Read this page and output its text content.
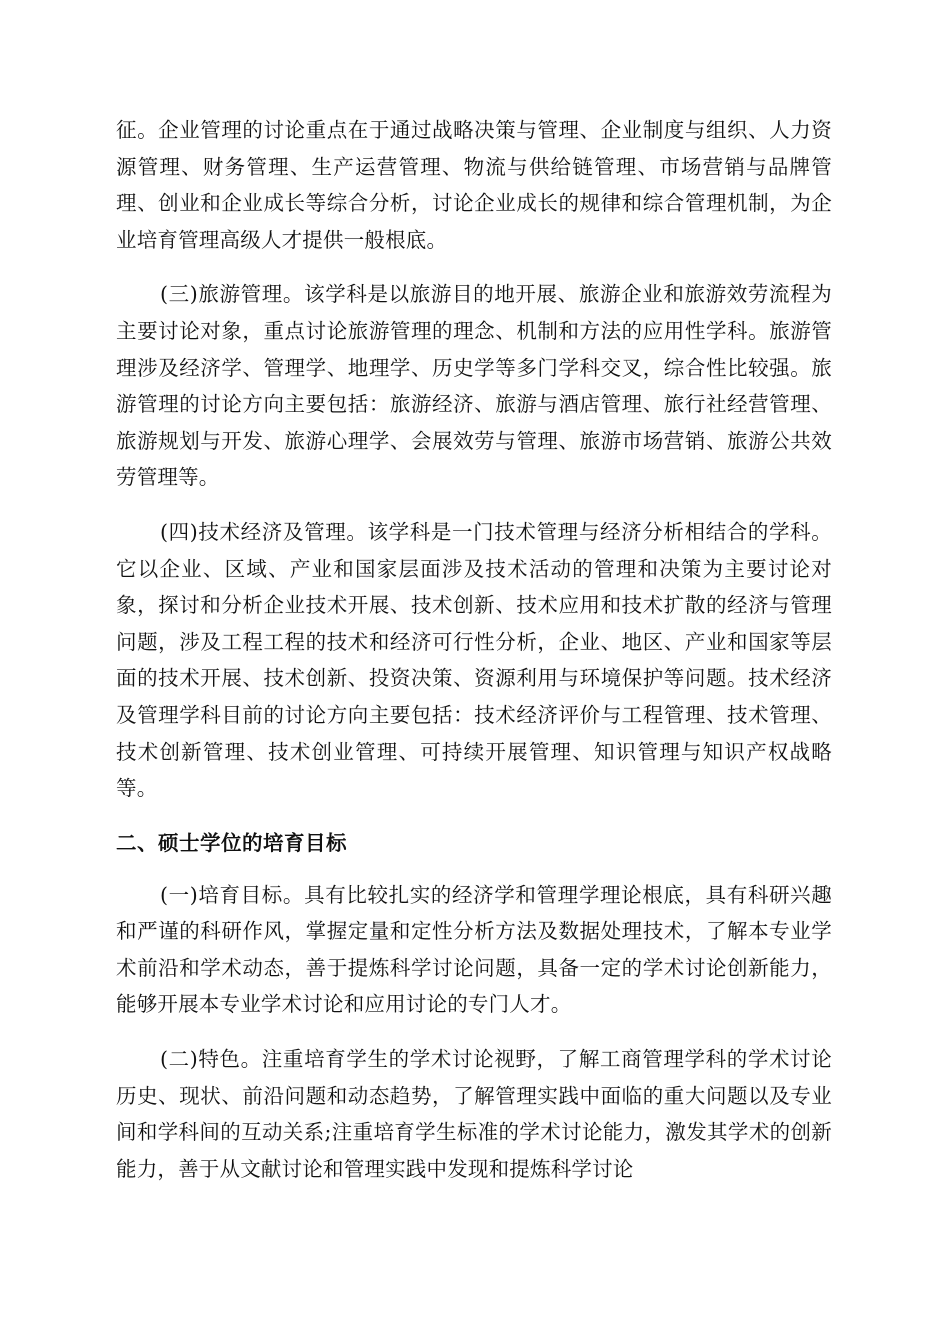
征。企业管理的讨论重点在于通过战略决策与管理、企业制度与组织、人力资源管理、财务管理、生产运营管理、物流与供给链管理、市场营销与品牌管理、创业和企业成长等综合分析，讨论企业成长的规律和综合管理机制，为企业培育管理高级人才提供一般根底。

(三)旅游管理。该学科是以旅游目的地开展、旅游企业和旅游效劳流程为主要讨论对象，重点讨论旅游管理的理念、机制和方法的应用性学科。旅游管理涉及经济学、管理学、地理学、历史学等多门学科交叉，综合性比较强。旅游管理的讨论方向主要包括：旅游经济、旅游与酒店管理、旅行社经营管理、旅游规划与开发、旅游心理学、会展效劳与管理、旅游市场营销、旅游公共效劳管理等。

(四)技术经济及管理。该学科是一门技术管理与经济分析相结合的学科。它以企业、区域、产业和国家层面涉及技术活动的管理和决策为主要讨论对象，探讨和分析企业技术开展、技术创新、技术应用和技术扩散的经济与管理问题，涉及工程工程的技术和经济可行性分析，企业、地区、产业和国家等层面的技术开展、技术创新、投资决策、资源利用与环境保护等问题。技术经济及管理学科目前的讨论方向主要包括：技术经济评价与工程管理、技术管理、技术创新管理、技术创业管理、可持续开展管理、知识管理与知识产权战略等。

二、硕士学位的培育目标

(一)培育目标。具有比较扎实的经济学和管理学理论根底，具有科研兴趣和严谨的科研作风，掌握定量和定性分析方法及数据处理技术，了解本专业学术前沿和学术动态，善于提炼科学讨论问题，具备一定的学术讨论创新能力，能够开展本专业学术讨论和应用讨论的专门人才。

(二)特色。注重培育学生的学术讨论视野，了解工商管理学科的学术讨论历史、现状、前沿问题和动态趋势，了解管理实践中面临的重大问题以及专业间和学科间的互动关系;注重培育学生标准的学术讨论能力，激发其学术的创新能力，善于从文献讨论和管理实践中发现和提炼科学讨论
